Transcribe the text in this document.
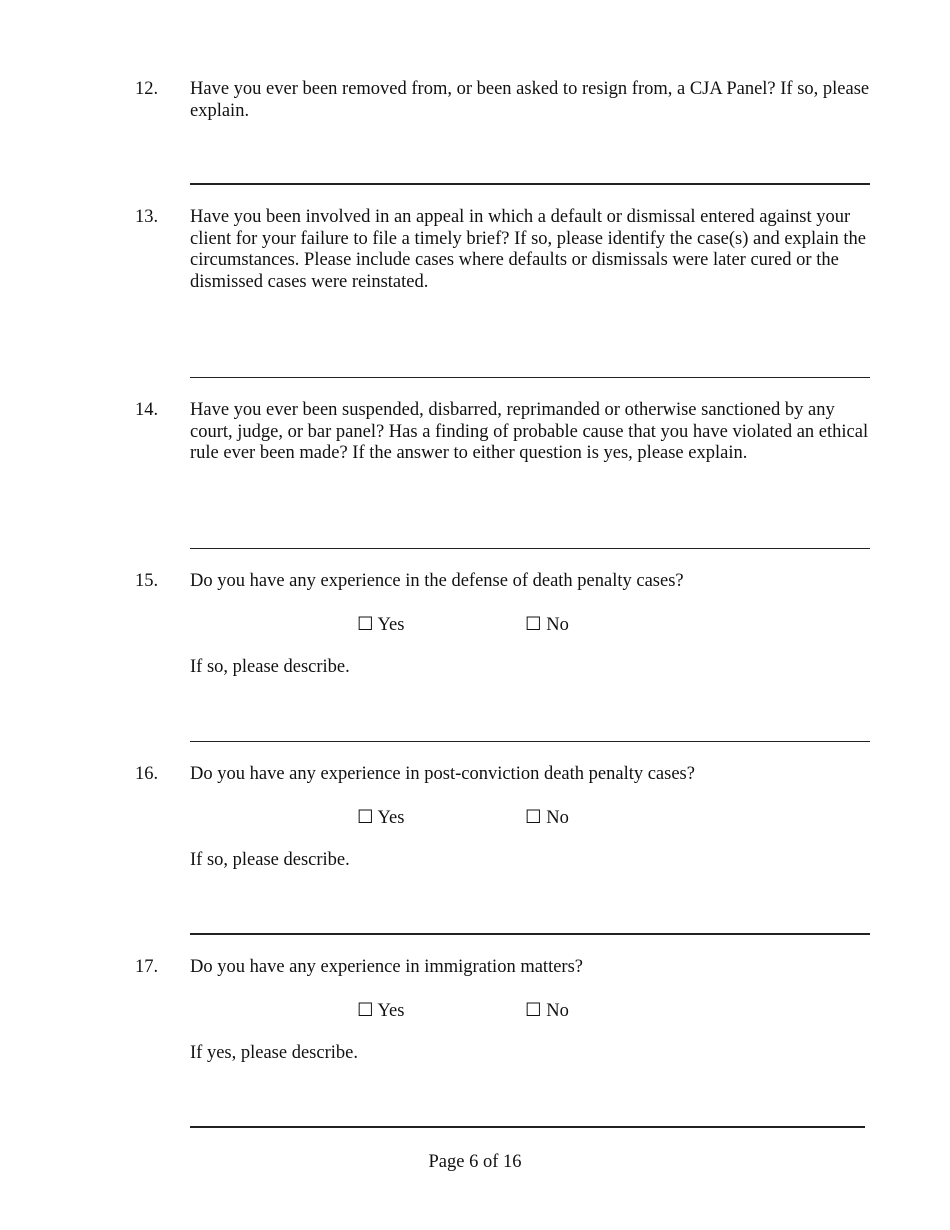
12. Have you ever been removed from, or been asked to resign from, a CJA Panel? If so, please explain.
13. Have you been involved in an appeal in which a default or dismissal entered against your client for your failure to file a timely brief? If so, please identify the case(s) and explain the circumstances. Please include cases where defaults or dismissals were later cured or the dismissed cases were reinstated.
14. Have you ever been suspended, disbarred, reprimanded or otherwise sanctioned by any court, judge, or bar panel? Has a finding of probable cause that you have violated an ethical rule ever been made? If the answer to either question is yes, please explain.
15. Do you have any experience in the defense of death penalty cases?
☐ Yes	☐ No
If so, please describe.
16. Do you have any experience in post-conviction death penalty cases?
☐ Yes	☐ No
If so, please describe.
17. Do you have any experience in immigration matters?
☐ Yes	☐ No
If yes, please describe.
Page 6 of 16
